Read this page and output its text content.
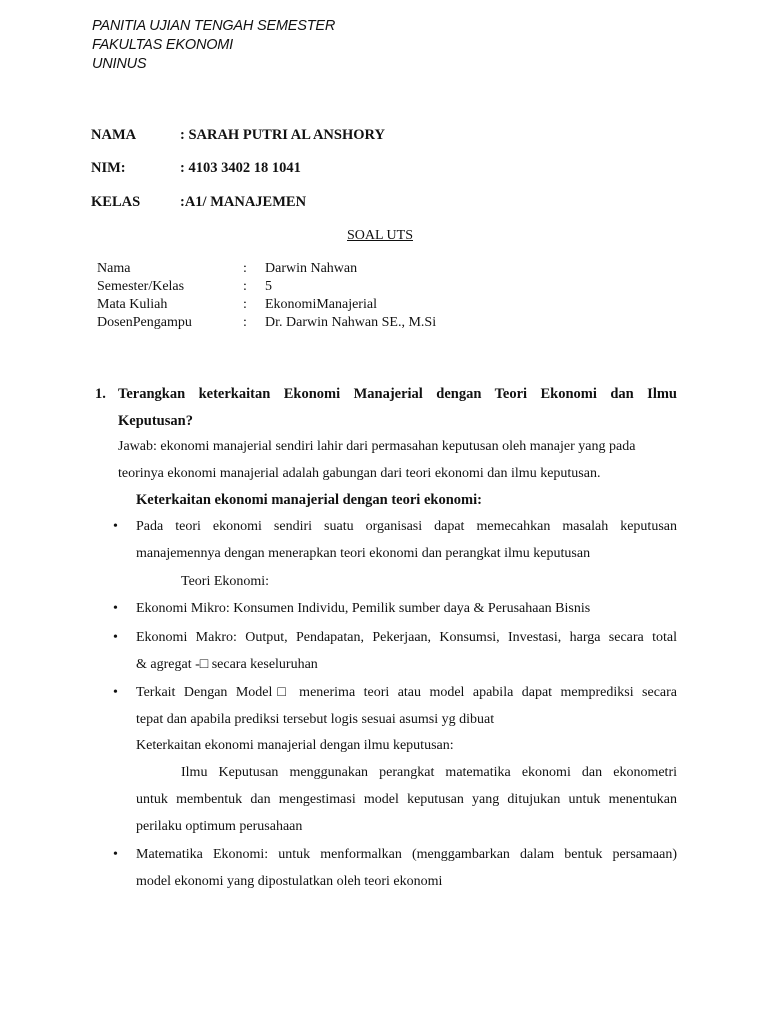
PANITIA UJIAN TENGAH SEMESTER
FAKULTAS EKONOMI
UNINUS
NAMA	: SARAH PUTRI AL ANSHORY
NIM:	: 4103 3402 18 1041
KELAS	:A1/ MANAJEMEN
SOAL UTS
Nama	: Darwin Nahwan
Semester/Kelas	: 5
Mata Kuliah	: EkonomiManajerial
DosenPengampu	: Dr. Darwin Nahwan SE., M.Si
1. Terangkan keterkaitan Ekonomi Manajerial dengan Teori Ekonomi dan Ilmu
Keputusan?
Jawab: ekonomi manajerial sendiri lahir dari permasahan keputusan oleh manajer yang pada
teorinya ekonomi manajerial adalah gabungan dari teori ekonomi dan ilmu keputusan.
Keterkaitan ekonomi manajerial dengan teori ekonomi:
• Pada teori ekonomi sendiri suatu organisasi dapat memecahkan masalah keputusan
manajemennya dengan menerapkan teori ekonomi dan perangkat ilmu keputusan
Teori Ekonomi:
• Ekonomi Mikro: Konsumen Individu, Pemilik sumber daya & Perusahaan Bisnis
• Ekonomi Makro: Output, Pendapatan, Pekerjaan, Konsumsi, Investasi, harga secara total
& agregat -□ secara keseluruhan
• Terkait Dengan Model□ menerima teori atau model apabila dapat memprediksi secara
tepat dan apabila prediksi tersebut logis sesuai asumsi yg dibuat
Keterkaitan ekonomi manajerial dengan ilmu keputusan:
Ilmu Keputusan menggunakan perangkat matematika ekonomi dan ekonometri
untuk membentuk dan mengestimasi model keputusan yang ditujukan untuk menentukan
perilaku optimum perusahaan
• Matematika Ekonomi: untuk menformalkan (menggambarkan dalam bentuk persamaan)
model ekonomi yang dipostulatkan oleh teori ekonomi
